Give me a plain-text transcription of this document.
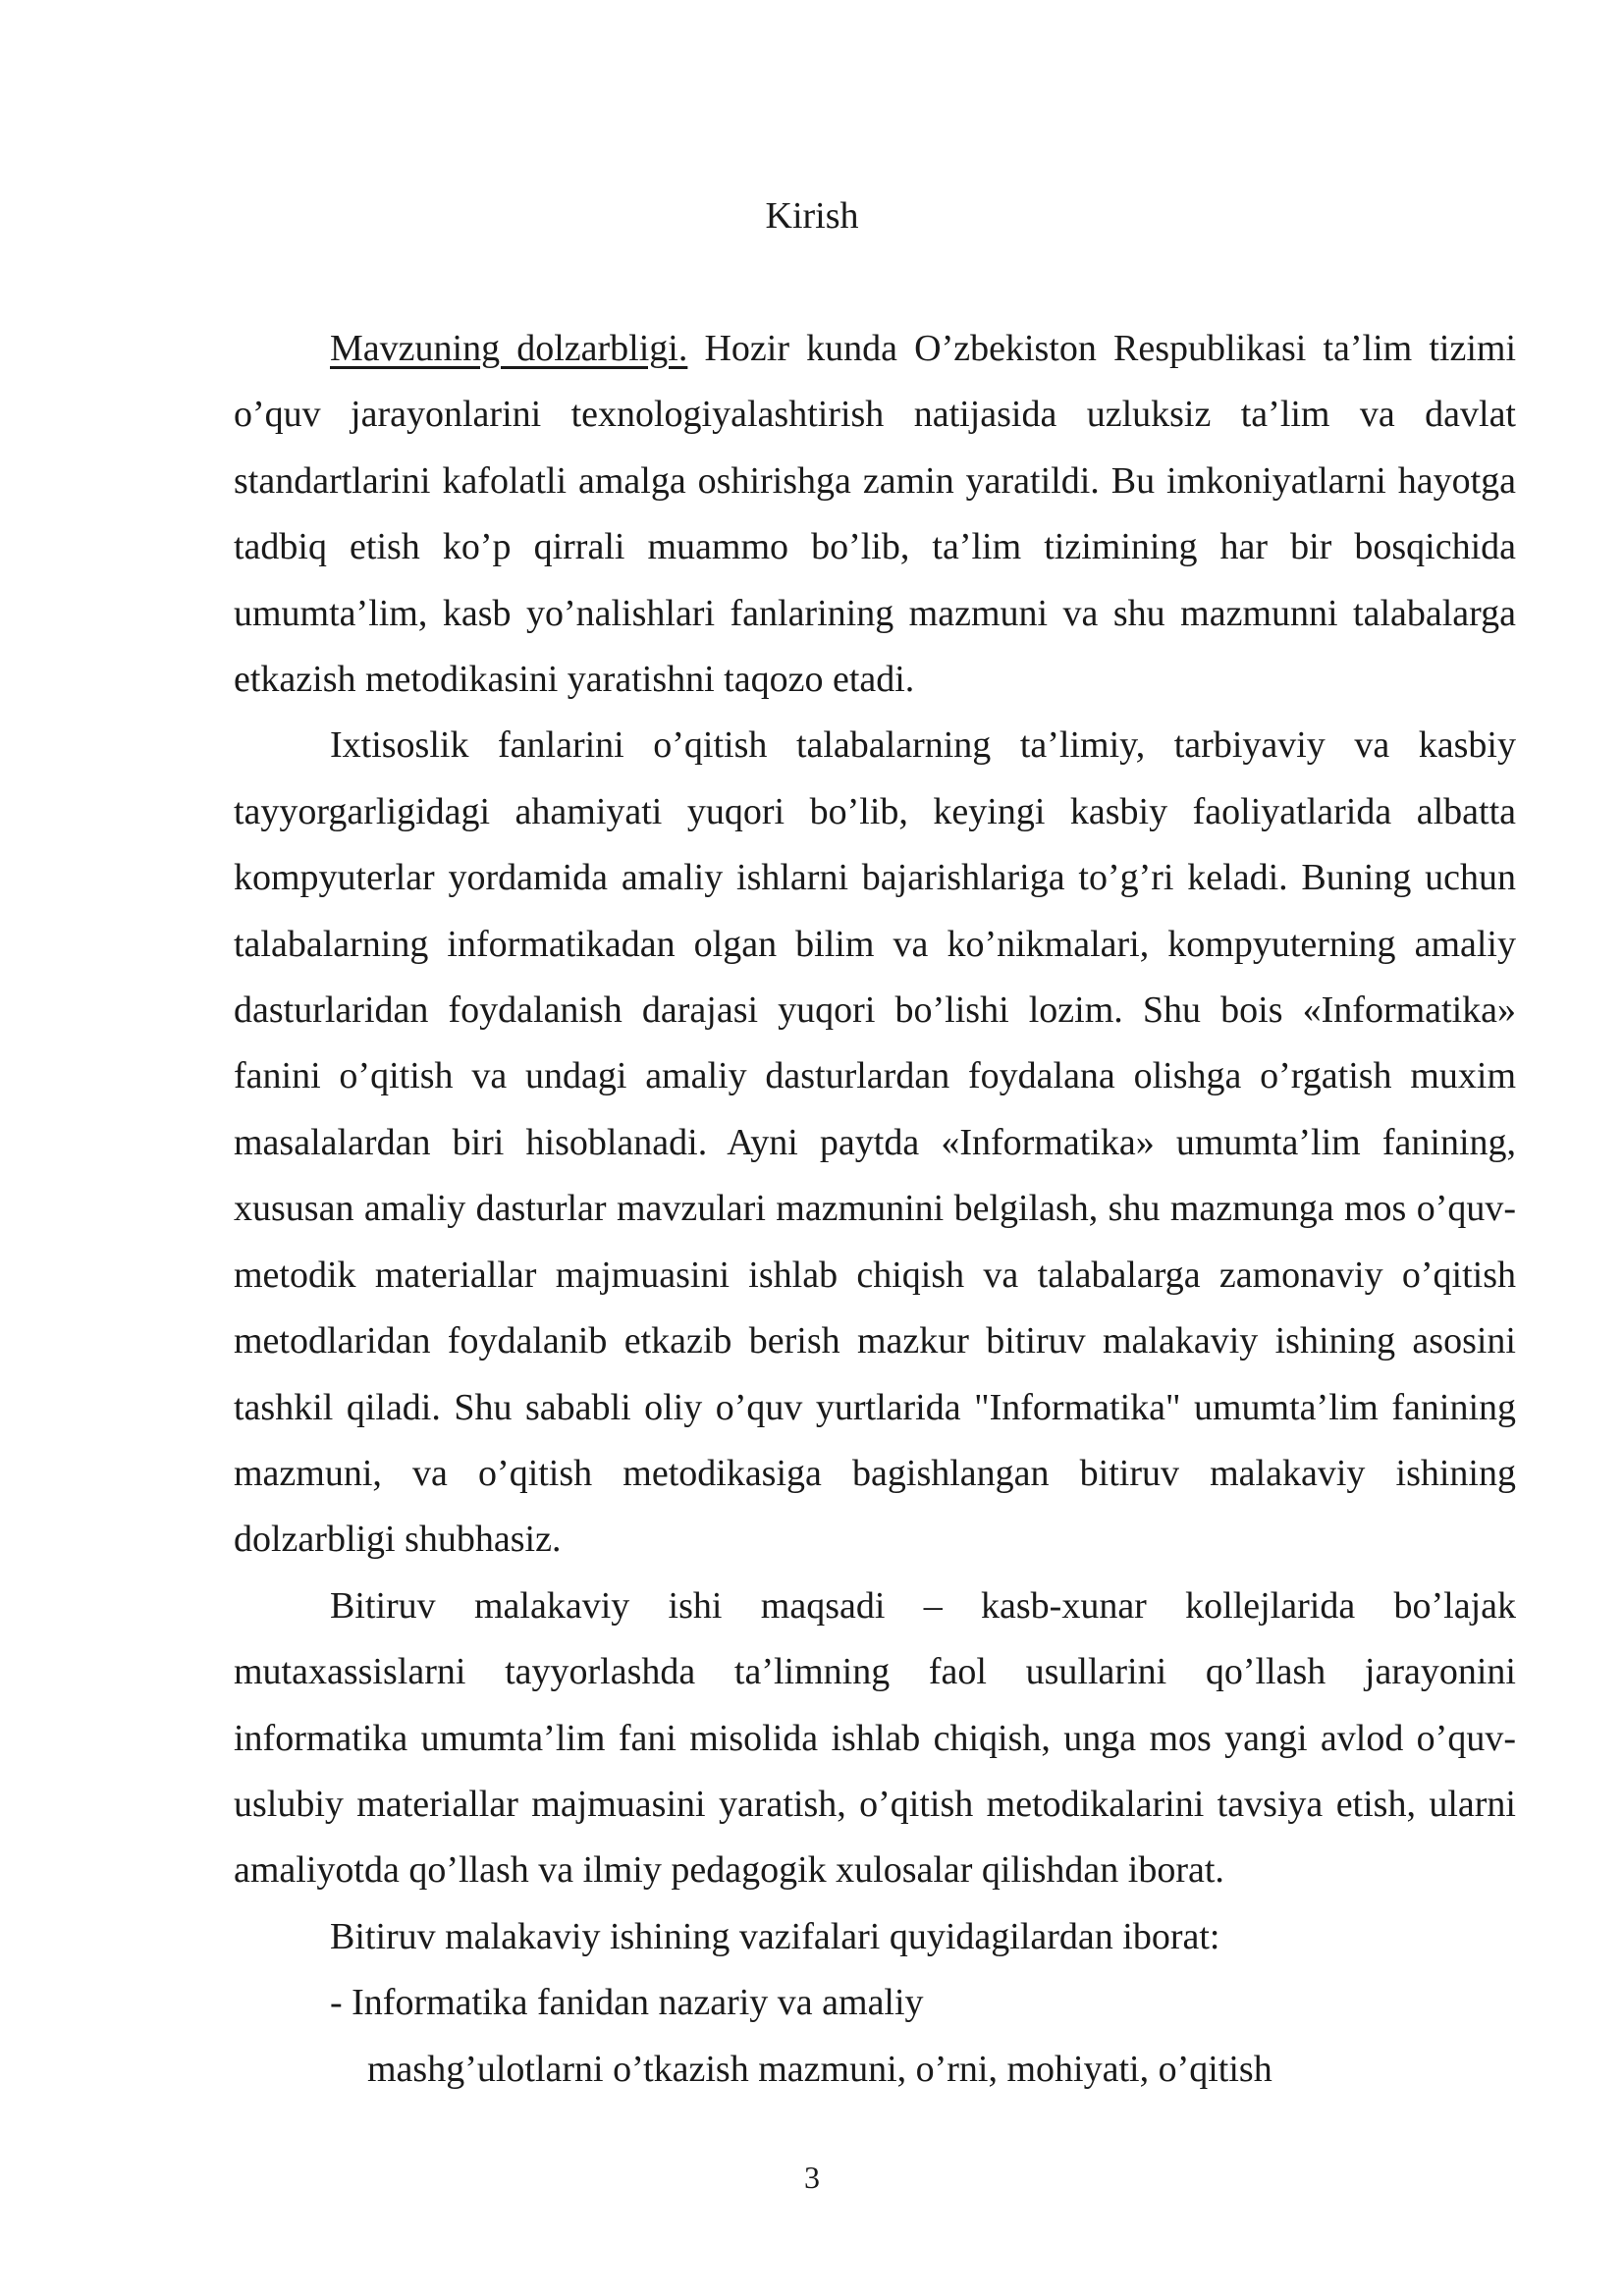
Kirish

Mavzuning dolzarbligi. Hozir kunda O’zbekiston Respublikasi ta’lim tizimi o’quv jarayonlarini texnologiyalashtirish natijasida uzluksiz ta’lim va davlat standartlarini kafolatli amalga oshirishga zamin yaratildi. Bu imkoniyatlarni hayotga tadbiq etish ko’p qirrali muammo bo’lib, ta’lim tizimining har bir bosqichida umumta’lim, kasb yo’nalishlari fanlarining mazmuni va shu mazmunni talabalarga etkazish metodikasini yaratishni taqozo etadi.

Ixtisoslik fanlarini o’qitish talabalarning ta’limiy, tarbiyaviy va kasbiy tayyorgarligidagi ahamiyati yuqori bo’lib, keyingi kasbiy faoliyatlarida albatta kompyuterlar yordamida amaliy ishlarni bajarishlariga to’g’ri keladi. Buning uchun talabalarning informatikadan olgan bilim va ko’nikmalari, kompyuterning amaliy dasturlaridan foydalanish darajasi yuqori bo’lishi lozim. Shu bois «Informatika» fanini o’qitish va undagi amaliy dasturlardan foydalana olishga o’rgatish muxim masalalardan biri hisoblanadi. Ayni paytda «Informatika» umumta’lim fanining, xususan amaliy dasturlar mavzulari mazmunini belgilash, shu mazmunga mos o’quv-metodik materiallar majmuasini ishlab chiqish va talabalarga zamonaviy o’qitish metodlaridan foydalanib etkazib berish mazkur bitiruv malakaviy ishining asosini tashkil qiladi. Shu sababli oliy o’quv yurtlarida "Informatika" umumta’lim fanining mazmuni, va o’qitish metodikasiga bagishlangan bitiruv malakaviy ishining dolzarbligi shubhasiz.

Bitiruv malakaviy ishi maqsadi – kasb-xunar kollejlarida bo’lajak mutaxassislarni tayyorlashda ta’limning faol usullarini qo’llash jarayonini informatika umumta’lim fani misolida ishlab chiqish, unga mos yangi avlod o’quv-uslubiy materiallar majmuasini yaratish, o’qitish metodikalarini tavsiya etish, ularni amaliyotda qo’llash va ilmiy pedagogik xulosalar qilishdan iborat.

Bitiruv malakaviy ishining vazifalari quyidagilardan iborat:

- Informatika fanidan nazariy va amaliy
mashg’ulotlarni o’tkazish mazmuni, o’rni, mohiyati, o’qitish
3
